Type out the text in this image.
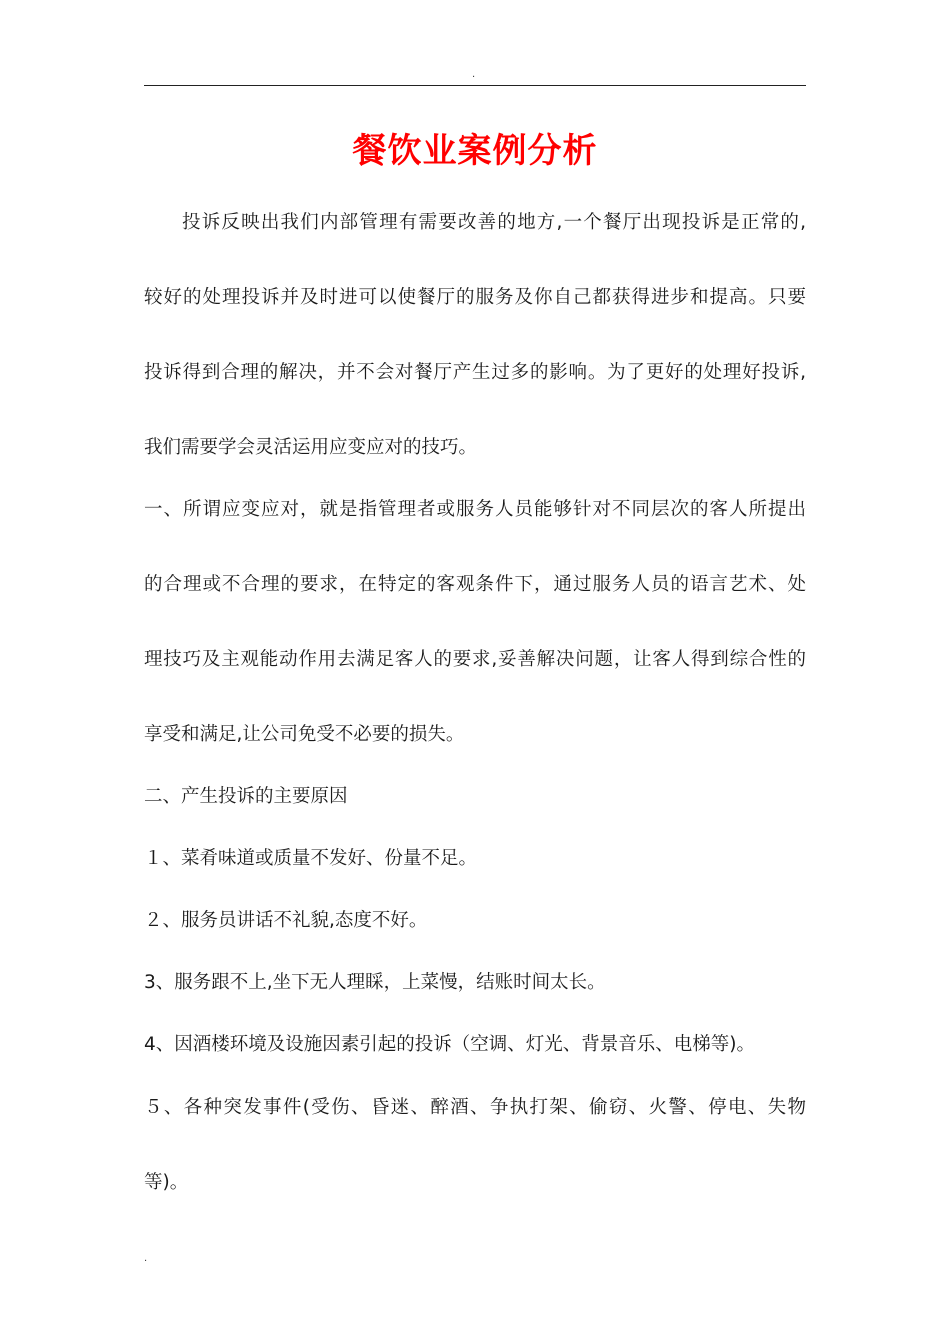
.
餐饮业案例分析

投诉反映出我们内部管理有需要改善的地方,一个餐厅出现投诉是正常的,

较好的处理投诉并及时进可以使餐厅的服务及你自己都获得进步和提高。只要

投诉得到合理的解决，并不会对餐厅产生过多的影响。为了更好的处理好投诉,

我们需要学会灵活运用应变应对的技巧。

一、所谓应变应对，就是指管理者或服务人员能够针对不同层次的客人所提出

的合理或不合理的要求，在特定的客观条件下，通过服务人员的语言艺术、处

理技巧及主观能动作用去满足客人的要求,妥善解决问题，让客人得到综合性的

享受和满足,让公司免受不必要的损失。

二、产生投诉的主要原因

１、菜肴味道或质量不发好、份量不足。

２、服务员讲话不礼貌,态度不好。

3、服务跟不上,坐下无人理睬，上菜慢，结账时间太长。

4、因酒楼环境及设施因素引起的投诉（空调、灯光、背景音乐、电梯等)。

５、各种突发事件(受伤、昏迷、醉酒、争执打架、偷窃、火警、停电、失物

等)。

.
